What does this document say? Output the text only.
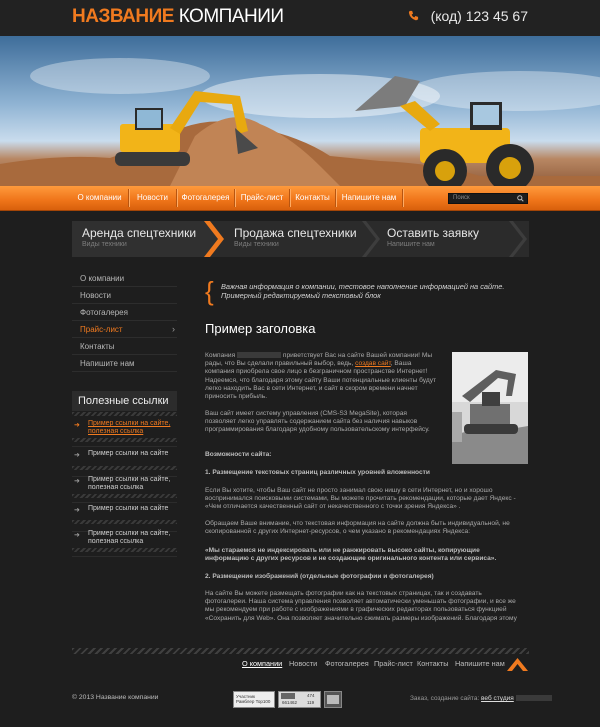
НАЗВАНИЕ КОМПАНИИ	(код) 123 45 67
О компании	Новости	Фотогалерея	Прайс-лист	Контакты	Напишите нам	Поиск
Аренда спецтехники
Виды техники
Продажа спецтехники
Виды техники
Оставить заявку
Напишите нам
О компании
Новости
Фотогалерея
Прайс-лист	›
Контакты
Напишите нам
Полезные ссылки
➜ Пример ссылки на сайте, полезная ссылка
➜ Пример ссылки на сайте
➜ Пример ссылки на сайте, полезная ссылка
➜ Пример ссылки на сайте
➜ Пример ссылки на сайте, полезная ссылка
{ Важная информация о компании, тестовое наполнение информацией на сайте. Примерный редактируемый текстовый блок
Пример заголовка
Компания	приветствует Вас на сайте Вашей компании! Мы рады, что Вы сделали правильный выбор, ведь, создав сайт, Ваша компания приобрела свое лицо в безграничном пространстве Интернет!Надеемся, что благодаря этому сайту Ваши потенциальные клиенты будут легко находить Вас в сети Интернет, и сайт в скором времени начнет приносить прибыль.
Ваш сайт имеет систему управления (CMS-S3 MegaSite), которая позволяет легко управлять содержанием сайта без наличия навыков программирования благодаря удобному пользовательскому интерфейсу.
Возможности сайта:
1. Размещение текстовых страниц различных уровней вложенности
Если Вы хотите, чтобы Ваш сайт не просто занимал свою нишу в сети Интернет, но и хорошо воспринимался поисковыми системами, Вы можете прочитать рекомендации, которые дает Яндекс - «Чем отличается качественный сайт от некачественного с точки зрения Яндекса» .
Обращаем Ваше внимание, что текстовая информация на сайте должна быть индивидуальной, не скопированной с других Интернет-ресурсов, о чем указано в рекомендациях Яндекса:
«Мы стараемся не индексировать или не ранжировать высоко сайты, копирующие информацию с других ресурсов и не создающие оригинального контента или сервиса».
2. Размещение изображений (отдельные фотографии и фотогалерея)
На сайте Вы можете размещать фотографии как на текстовых страницах, так и создавать фотогалереи. Наша система управления позволяет автоматически уменьшать фотографии, и все же мы рекомендуем при работе с изображениями в графических редакторах пользоваться функцией «Сохранить для Web». Она позволяет значительно сжимать размеры изображений. Благодаря этому
О компании Новости Фотогалерея Прайс-лист Контакты Напишите нам
© 2013 Название компании	Участник Рамблер Top100	661462
474
119
Заказ, создание сайта: веб студия
